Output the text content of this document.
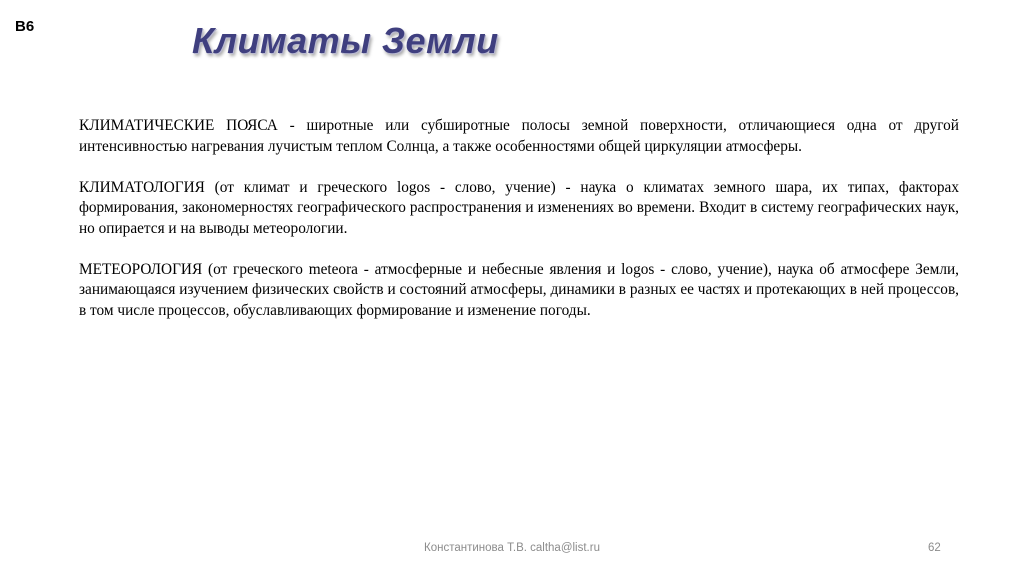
B6	Климаты Земли

КЛИМАТИЧЕСКИЕ ПОЯСА - широтные или субширотные полосы земной поверхности, отличающиеся одна от другой интенсивностью нагревания лучистым теплом Солнца, а также особенностями общей циркуляции атмосферы.

КЛИМАТОЛОГИЯ (от климат и греческого logos - слово, учение) - наука о климатах земного шара, их типах, факторах формирования, закономерностях географического распространения и изменениях во времени. Входит в систему географических наук, но опирается и на выводы метеорологии.

МЕТЕОРОЛОГИЯ (от греческого meteora - атмосферные и небесные явления и logos - слово, учение), наука об атмосфере Земли, занимающаяся изучением физических свойств и состояний атмосферы, динамики в разных ее частях и протекающих в ней процессов, в том числе процессов, обуславливающих формирование и изменение погоды.

Константинова Т.В. caltha@list.ru	62
